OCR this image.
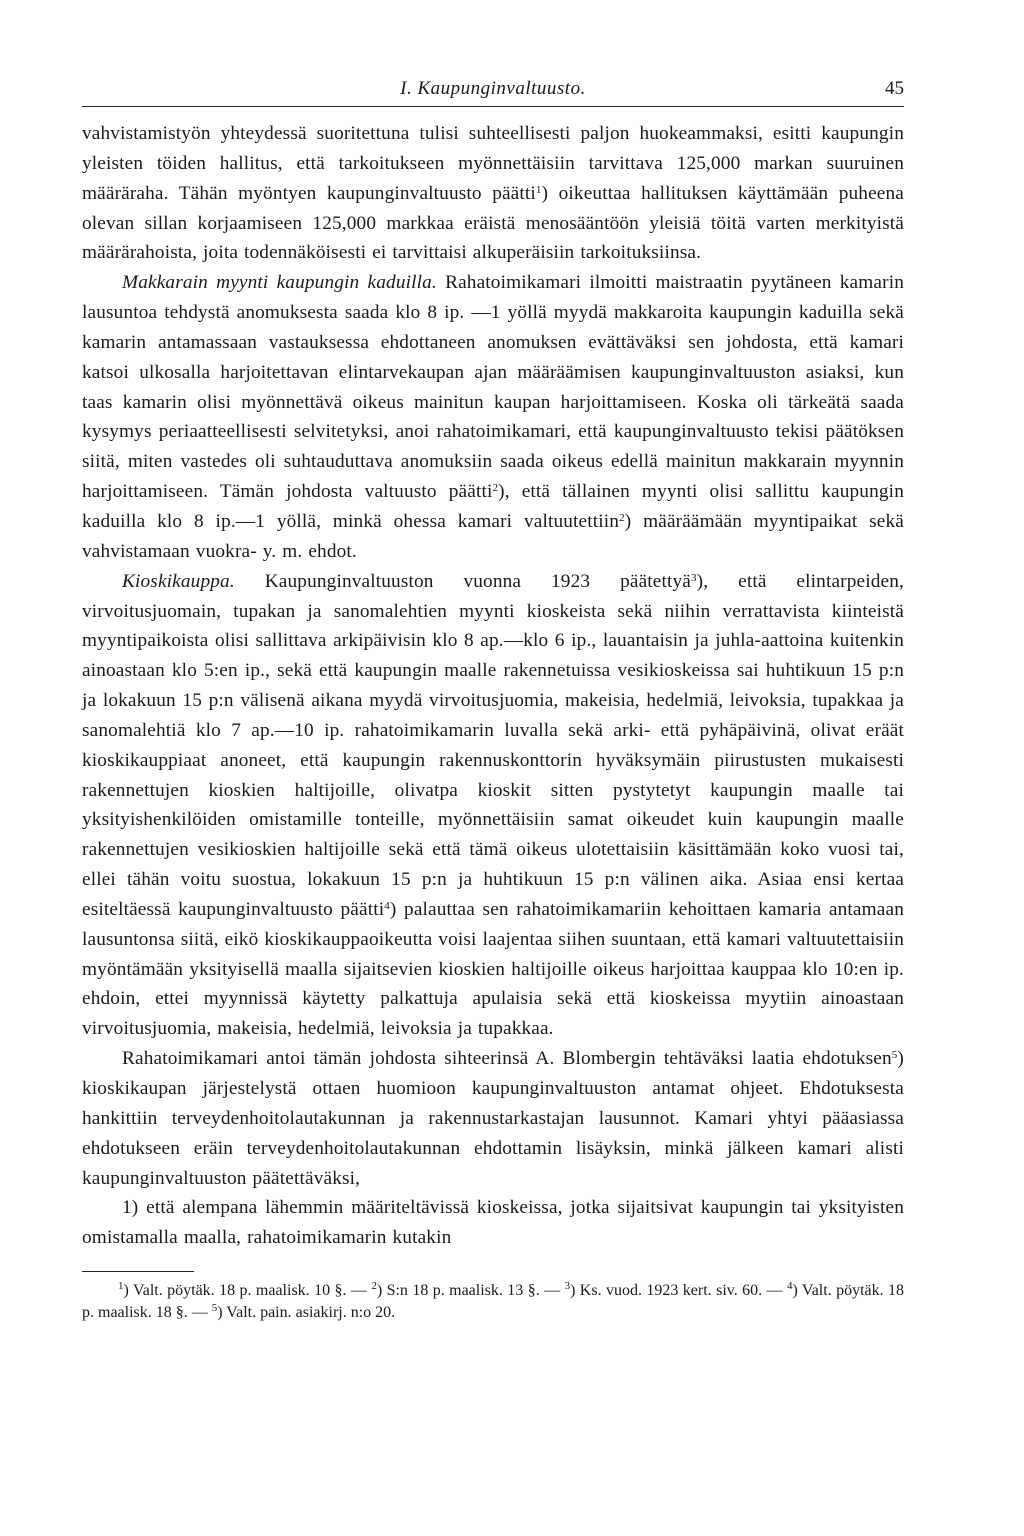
I. Kaupunginvaltuusto.	45

vahvistamistyön yhteydessä suoritettuna tulisi suhteellisesti paljon huokeammaksi, esitti kaupungin yleisten töiden hallitus, että tarkoitukseen myönnettäisiin tarvittava 125,000 markan suuruinen määräraha. Tähän myöntyen kaupunginvaltuusto päätti$^1$) oikeuttaa hallituksen käyttämään puheena olevan sillan korjaamiseen 125,000 markkaa eräistä menosääntöön yleisiä töitä varten merkityistä määrärahoista, joita todennäköisesti ei tarvittaisi alkuperäisiin tarkoituksiinsa.

Makkarain myynti kaupungin kaduilla. Rahatoimikamari ilmoitti maistraatin pyytäneen kamarin lausuntoa tehdystä anomuksesta saada klo 8 ip. —1 yöllä myydä makkaroita kaupungin kaduilla sekä kamarin antamassaan vastauksessa ehdottaneen anomuksen evättäväksi sen johdosta, että kamari katsoi ulkosalla harjoitettavan elintarvekaupan ajan määräämisen kaupunginvaltuuston asiaksi, kun taas kamarin olisi myönnettävä oikeus mainitun kaupan harjoittamiseen. Koska oli tärkeätä saada kysymys periaatteellisesti selvitetyksi, anoi rahatoimikamari, että kaupunginvaltuusto tekisi päätöksen siitä, miten vastedes oli suhtauduttava anomuksiin saada oikeus edellä mainitun makkarain myynnin harjoittamiseen. Tämän johdosta valtuusto päätti$^2$), että tällainen myynti olisi sallittu kaupungin kaduilla klo 8 ip.—1 yöllä, minkä ohessa kamari valtuutettiin$^2$) määräämään myyntipaikat sekä vahvistamaan vuokra- y. m. ehdot.

Kioskikauppa. Kaupunginvaltuuston vuonna 1923 päätettyä$^3$), että elintarpeiden, virvoitusjuomain, tupakan ja sanomalehtien myynti kioskeista sekä niihin verrattavista kiinteistä myyntipaikoista olisi sallittava arkipäivisin klo 8 ap.—klo 6 ip., lauantaisin ja juhla-aattoina kuitenkin ainoastaan klo 5:en ip., sekä että kaupungin maalle rakennetuissa vesikioskeissa sai huhtikuun 15 p:n ja lokakuun 15 p:n välisenä aikana myydä virvoitusjuomia, makeisia, hedelmiä, leivoksia, tupakkaa ja sanomalehtiä klo 7 ap.—10 ip. rahatoimikamarin luvalla sekä arki- että pyhäpäivinä, olivat eräät kioskikauppiaat anoneet, että kaupungin rakennuskonttorin hyväksymäin piirustusten mukaisesti rakennettujen kioskien haltijoille, olivatpa kioskit sitten pystytetyt kaupungin maalle tai yksityishenkilöiden omistamille tonteille, myönnettäisiin samat oikeudet kuin kaupungin maalle rakennettujen vesikioskien haltijoille sekä että tämä oikeus ulotettaisiin käsittämään koko vuosi tai, ellei tähän voitu suostua, lokakuun 15 p:n ja huhtikuun 15 p:n välinen aika. Asiaa ensi kertaa esiteltäessä kaupunginvaltuusto päätti$^4$) palauttaa sen rahatoimikamariin kehoittaen kamaria antamaan lausuntonsa siitä, eikö kioskikauppaoikeutta voisi laajentaa siihen suuntaan, että kamari valtuutettaisiin myöntämään yksityisellä maalla sijaitsevien kioskien haltijoille oikeus harjoittaa kauppaa klo 10:en ip. ehdoin, ettei myynnissä käytetty palkattuja apulaisia sekä että kioskeissa myytiin ainoastaan virvoitusjuomia, makeisia, hedelmiä, leivoksia ja tupakkaa.

Rahatoimikamari antoi tämän johdosta sihteerinsä A. Blombergin tehtäväksi laatia ehdotuksen$^5$) kioskikaupan järjestelystä ottaen huomioon kaupunginvaltuuston antamat ohjeet. Ehdotuksesta hankittiin terveydenhoitolautakunnan ja rakennustarkastajan lausunnot. Kamari yhtyi pääasiassa ehdotukseen eräin terveydenhoitolautakunnan ehdottamin lisäyksin, minkä jälkeen kamari alisti kaupunginvaltuuston päätettäväksi,

1) että alempana lähemmin määriteltävissä kioskeissa, jotka sijaitsivat kaupungin tai yksityisten omistamalla maalla, rahatoimikamarin kutakin

$^1$) Valt. pöytäk. 18 p. maalisk. 10 §. — $^2$) S:n 18 p. maalisk. 13 §. — $^3$) Ks. vuod. 1923 kert. siv. 60. — $^4$) Valt. pöytäk. 18 p. maalisk. 18 §. — $^5$) Valt. pain. asiakirj. n:o 20.
